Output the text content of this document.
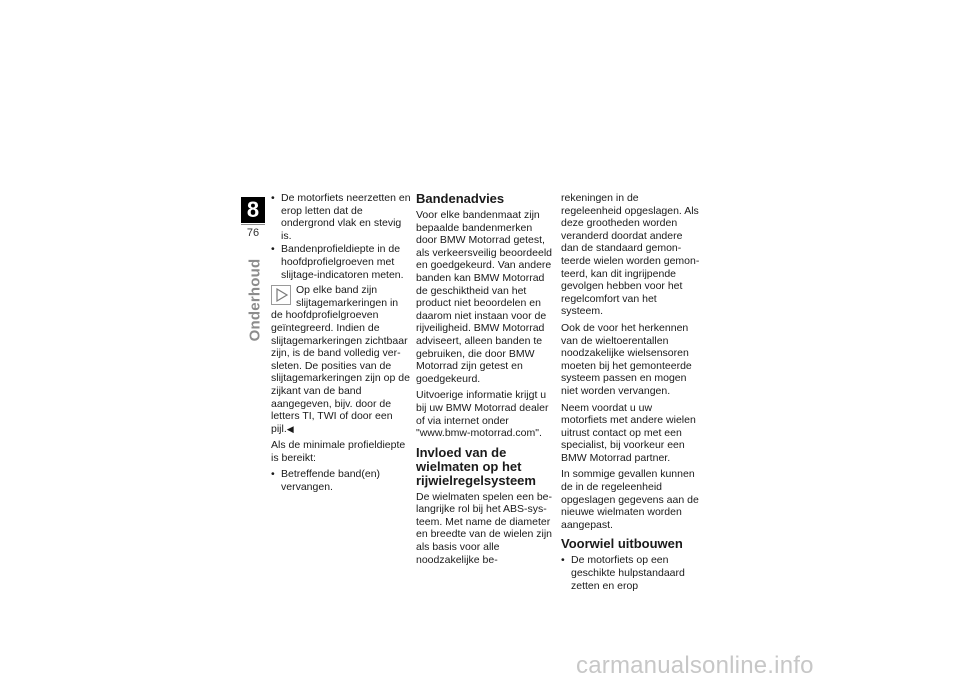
8
76
Onderhoud
• De motorfiets neerzetten en erop letten dat de ondergrond vlak en stevig is.
• Bandenprofieldiepte in de hoofdprofielgroeven met slijtage-indicatoren meten.
Op elke band zijn slijtagemarkeringen in de hoofdprofielgroeven geïntegreerd. Indien de slijtagemarkeringen zichtbaar zijn, is de band volledig versleten. De posities van de slijtagemarkeringen zijn op de zijkant van de band aangegeven, bijv. door de letters TI, TWI of door een pijl.◀

Als de minimale profieldiepte is bereikt:

• Betreffende band(en) vervangen.
Bandenadvies

Voor elke bandenmaat zijn bepaalde bandenmerken door BMW Motorrad getest, als verkeersveilig beoordeeld en goedgekeurd. Van andere banden kan BMW Motorrad de geschiktheid van het product niet beoordelen en daarom niet instaan voor de rijveiligheid. BMW Motorrad adviseert, alleen banden te gebruiken, die door BMW Motorrad zijn getest en goedgekeurd.

Uitvoerige informatie krijgt u bij uw BMW Motorrad dealer of via internet onder "www.bmw-motorrad.com".

Invloed van de wielmaten op het rijwielregelsysteem

De wielmaten spelen een belangrijke rol bij het ABS-systeem. Met name de diameter en breedte van de wielen zijn als basis voor alle noodzakelijke be-

rekeningen in de regeleenheid opgeslagen. Als deze grootheden worden veranderd doordat andere dan de standaard gemonteerde wielen worden gemonteerd, kan dit ingrijpende gevolgen hebben voor het regelcomfort van het systeem.

Ook de voor het herkennen van de wieltoerentallen noodzakelijke wielsensoren moeten bij het gemonteerde systeem passen en mogen niet worden vervangen.

Neem voordat u uw motorfiets met andere wielen uitrust contact op met een specialist, bij voorkeur een BMW Motorrad partner.

In sommige gevallen kunnen de in de regeleenheid opgeslagen gegevens aan de nieuwe wielmaten worden aangepast.

Voorwiel uitbouwen
• De motorfiets op een geschikte hulpstandaard zetten en erop
carmanualsonline.info
